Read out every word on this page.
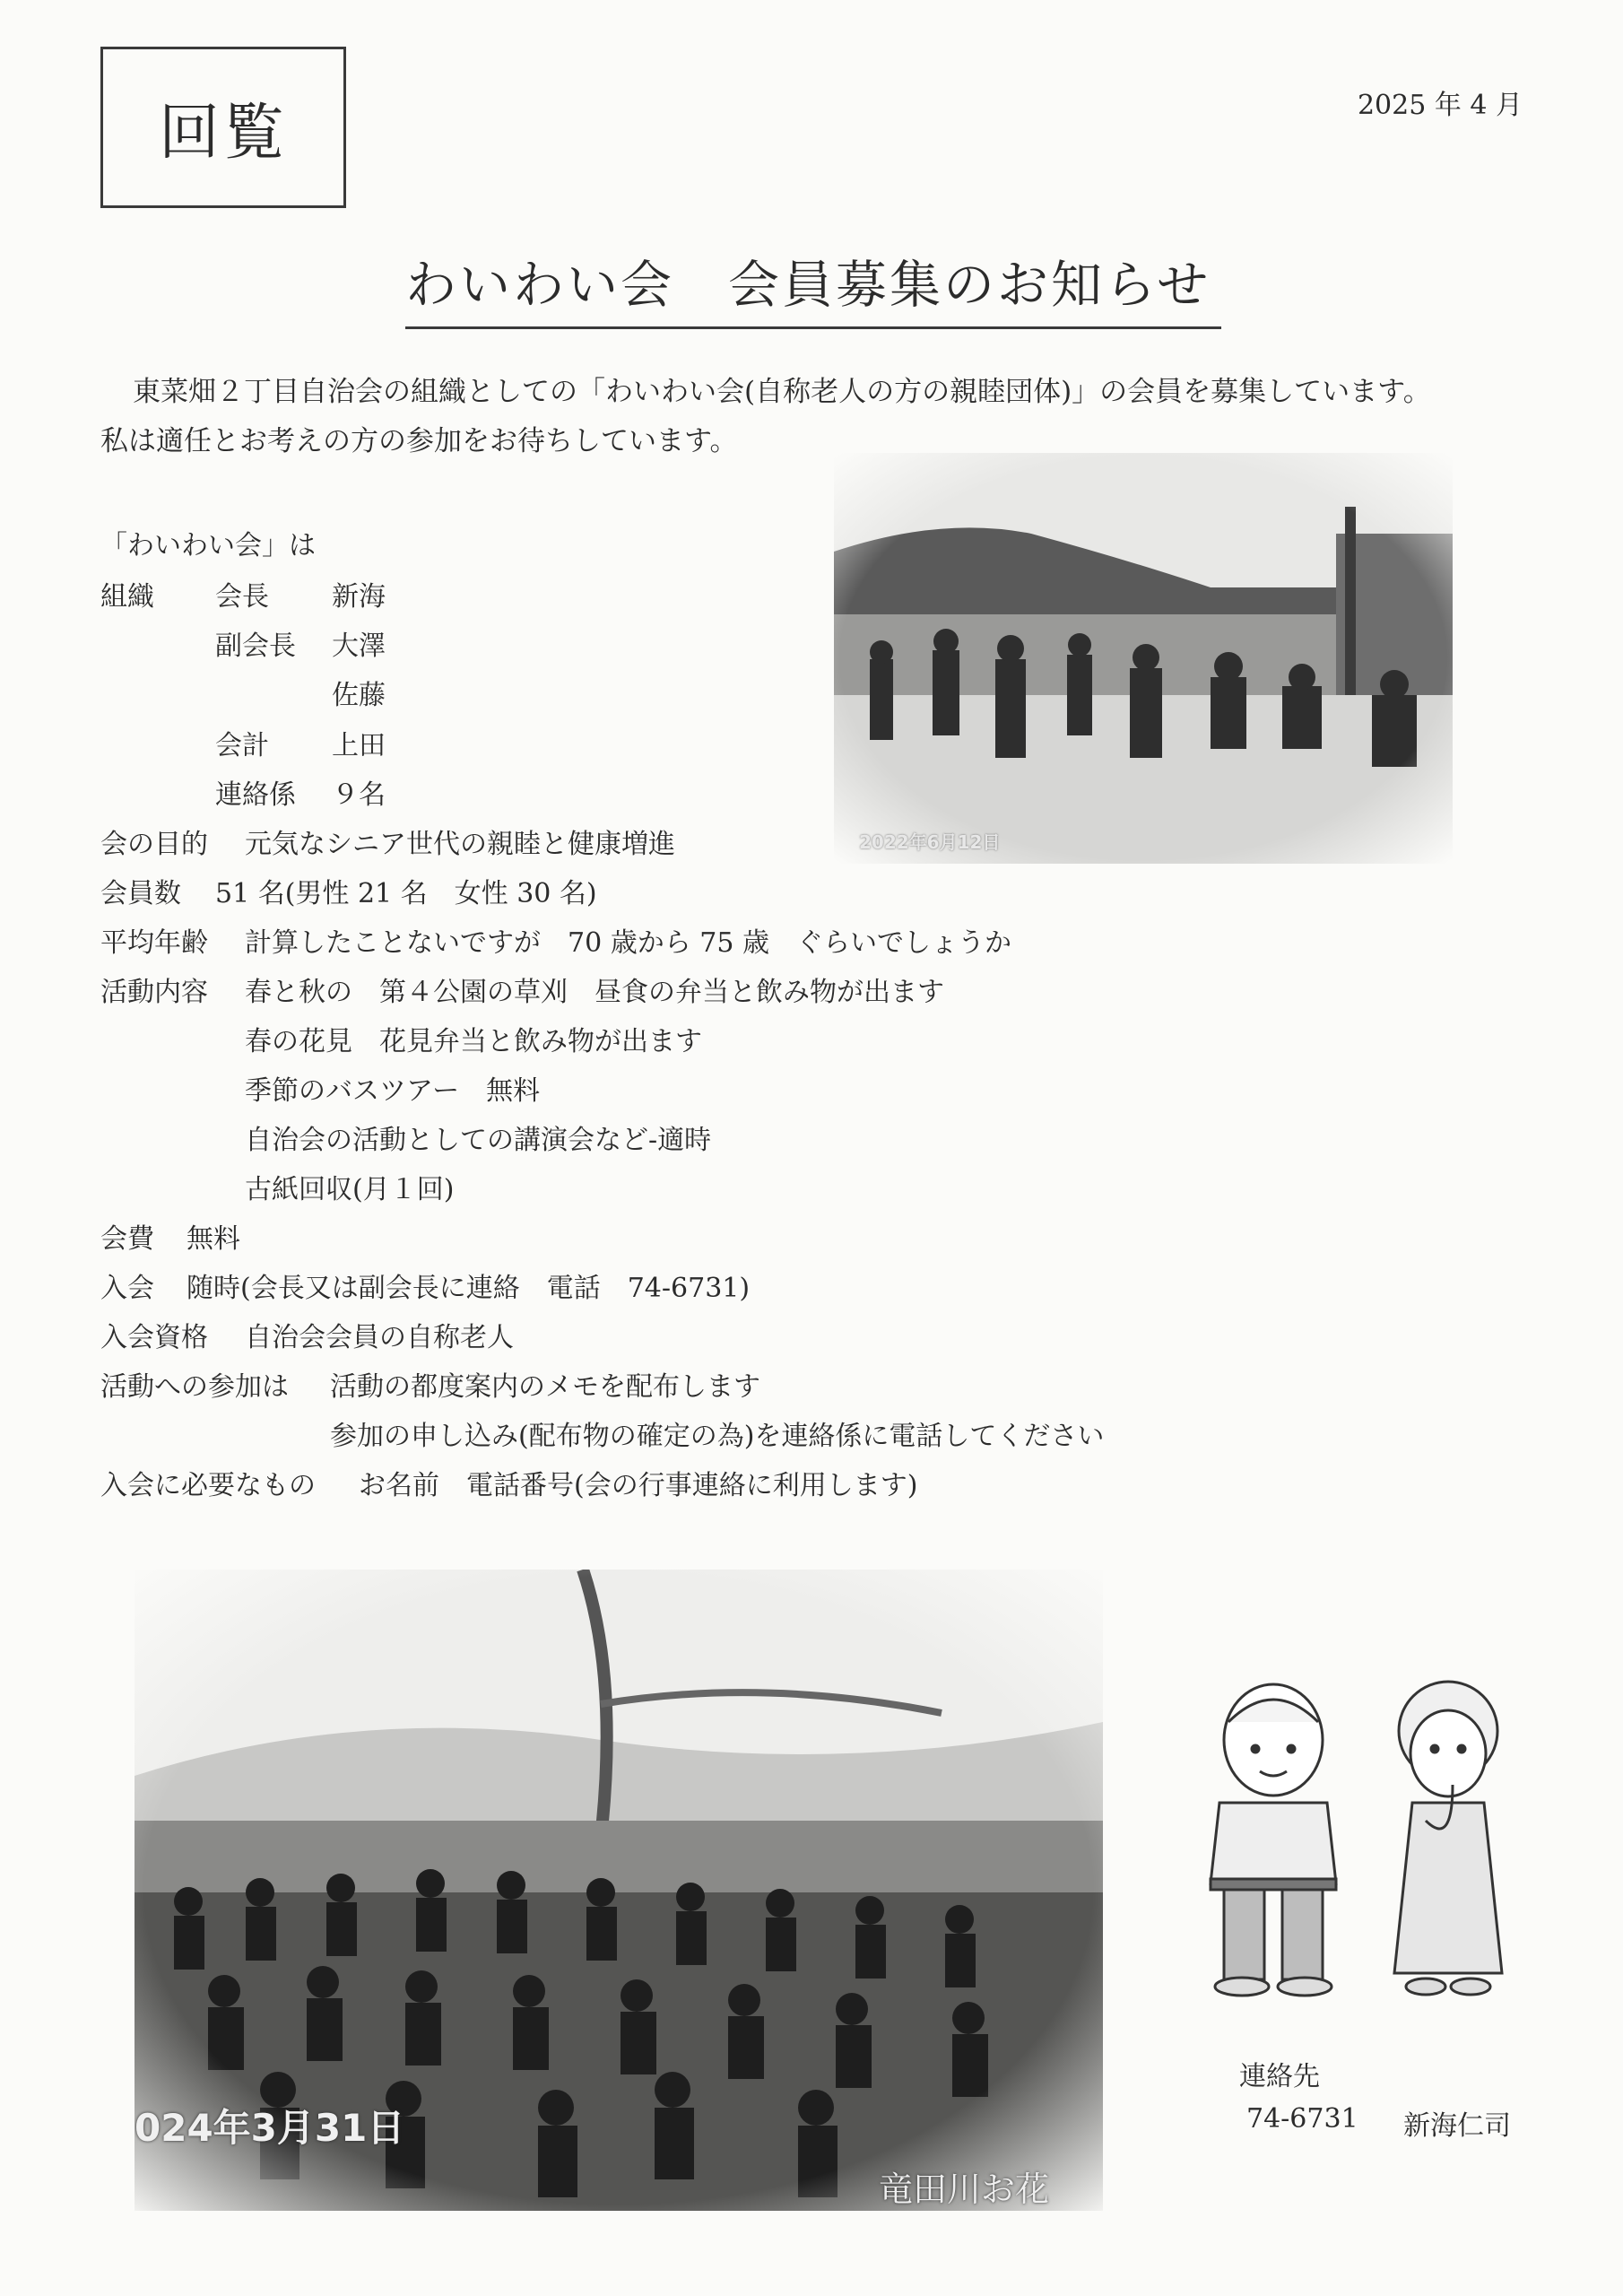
回覧	2025 年 4 月
わいわい会　会員募集のお知らせ

東菜畑２丁目自治会の組織としての「わいわい会(自称老人の方の親睦団体)」の会員を募集しています。

私は適任とお考えの方の参加をお待ちしています。

「わいわい会」は
組織 会長 新海
副会長 大澤
佐藤
会計 上田
連絡係 ９名
会の目的 元気なシニア世代の親睦と健康増進
会員数 51 名(男性 21 名　女性 30 名)
平均年齢 計算したことないですが　70 歳から 75 歳　ぐらいでしょうか
活動内容 春と秋の　第４公園の草刈　昼食の弁当と飲み物が出ます
春の花見　花見弁当と飲み物が出ます
季節のバスツアー　無料
自治会の活動としての講演会など-適時
古紙回収(月１回)
会費 無料
入会 随時(会長又は副会長に連絡　電話　74-6731)
入会資格 自治会会員の自称老人
活動への参加は 活動の都度案内のメモを配布します
参加の申し込み(配布物の確定の為)を連絡係に電話してください
入会に必要なもの お名前　電話番号(会の行事連絡に利用します)
2022年6月12日
024年3月31日
竜田川お花
連絡先
74-6731 新海仁司
